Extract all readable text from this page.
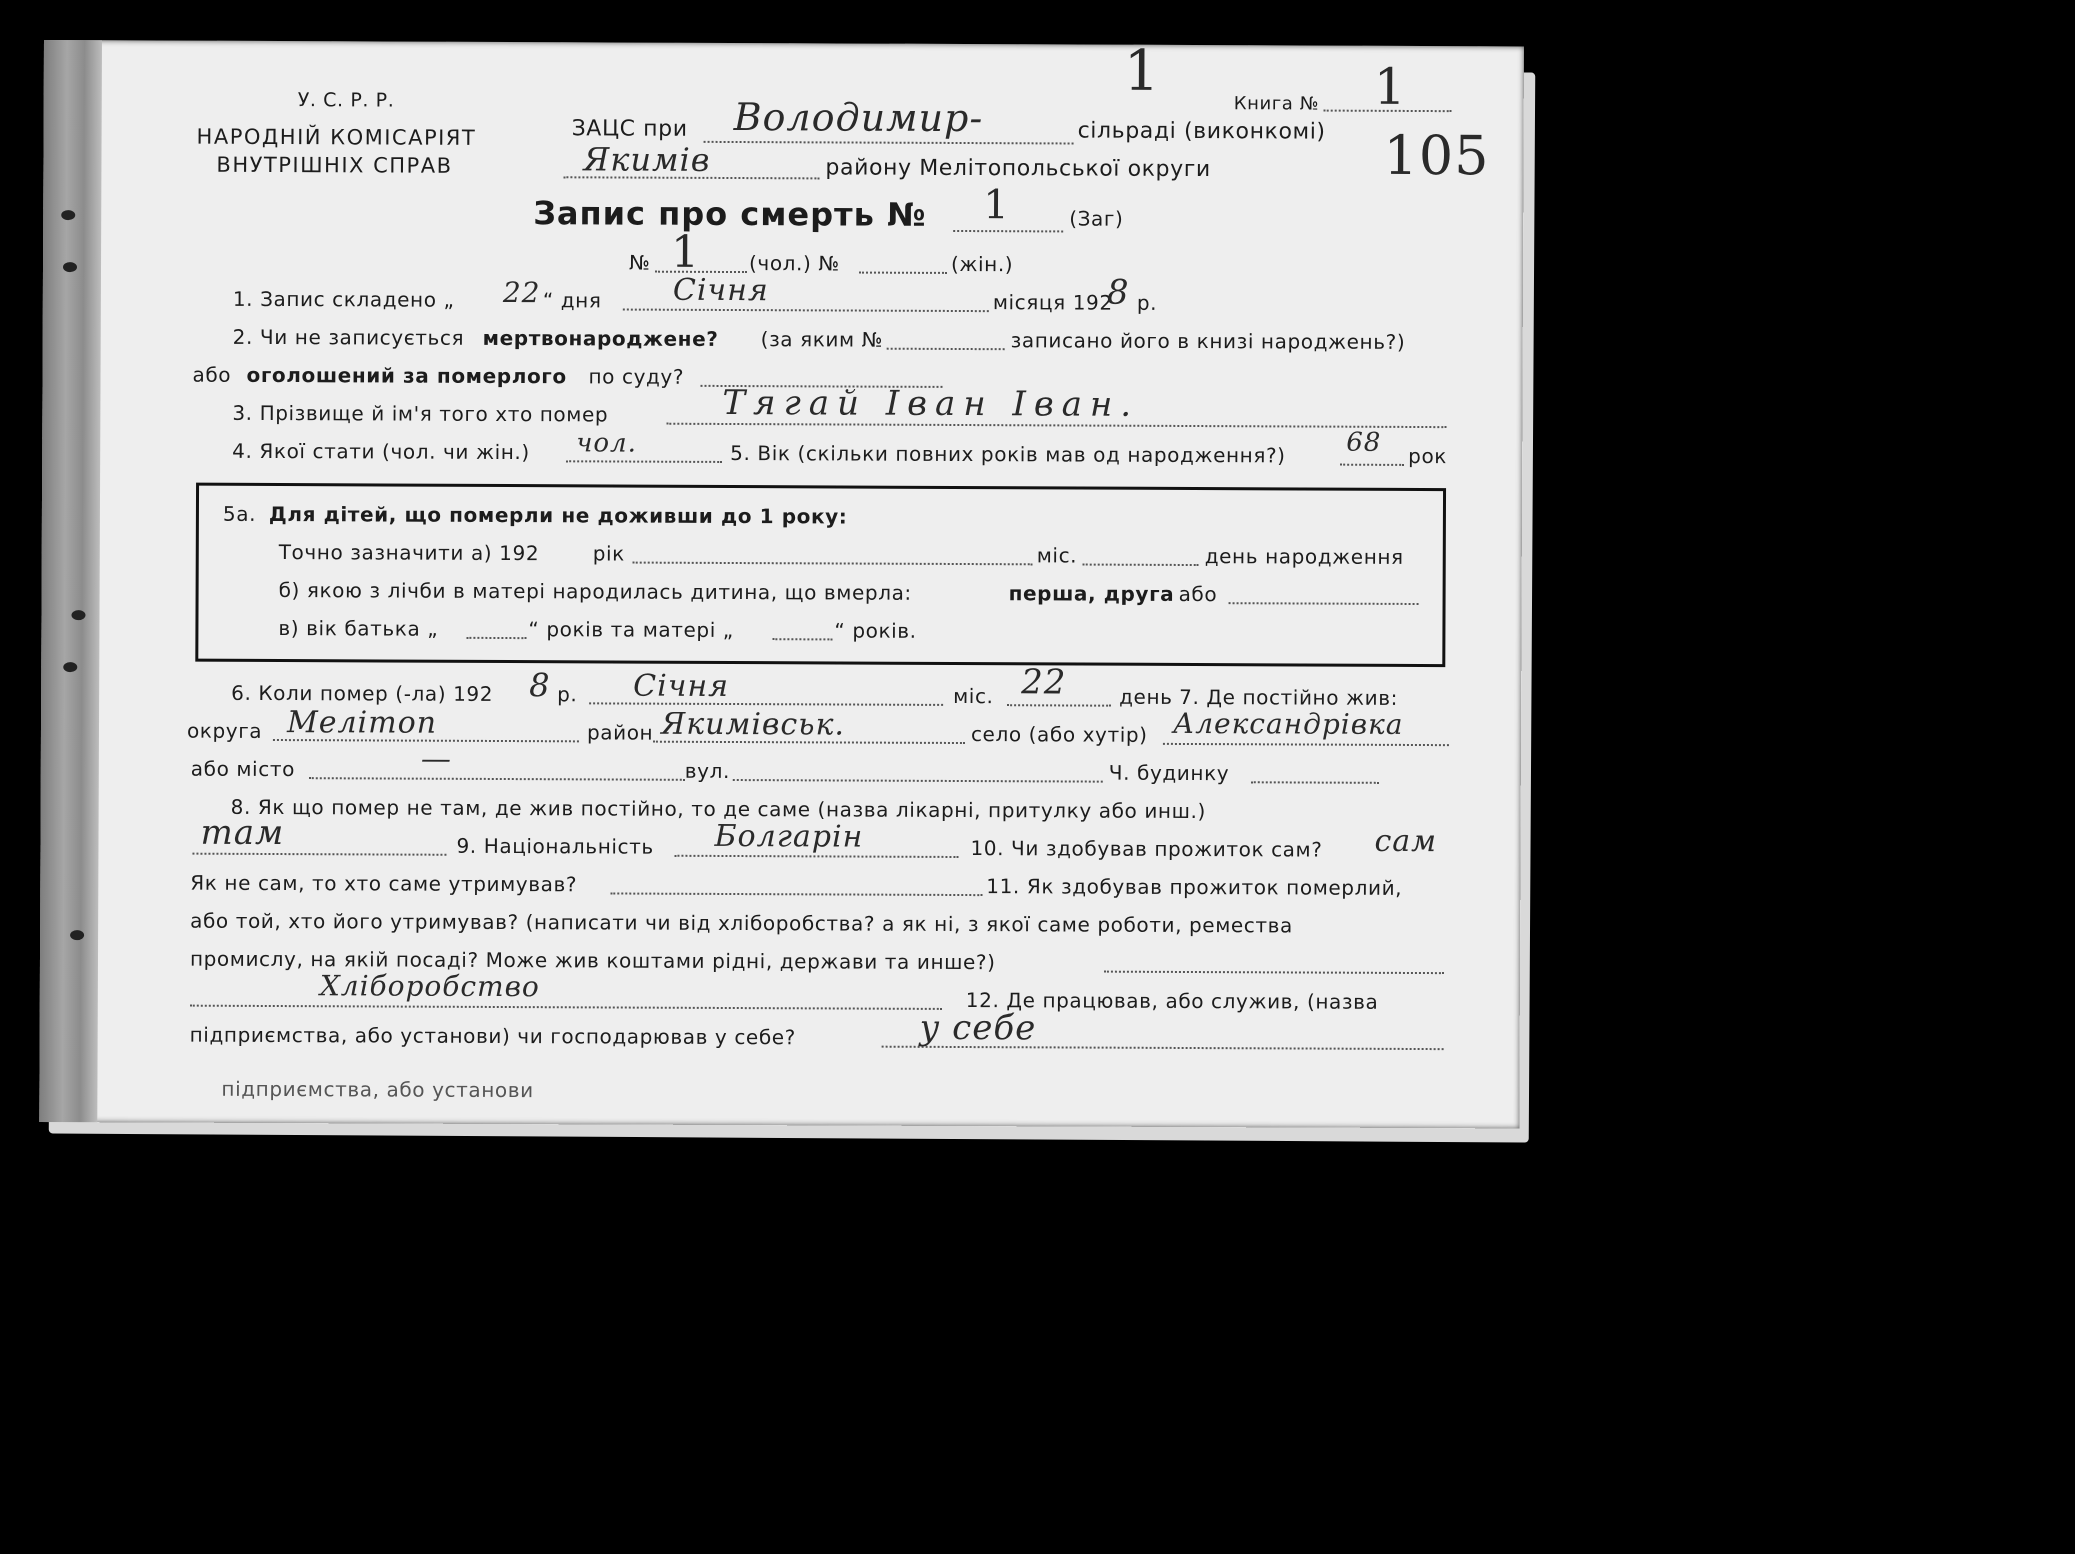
У. С. Р. Р.
НАРОДНІЙ КОМІСАРІЯТ
ВНУТРІШНІХ СПРАВ
1
ЗАЦС при Володимир-	сільраді (виконкомі)
Книга № 1
105
Якимів	району Мелітопольської округи
Запис про смерть № 1	(Заг)
№ 1 (чол.) №	(жін.)
1. Запис складено „ 22 “ дня Січня	місяця 192
8 р.
2. Чи не записується мертвонароджене? (за яким №	записано його в книзі народжень?)
або оголошений за померлого по суду?
3. Прізвище й ім'я того хто помер	Тягай Іван Іван.
4. Якої стати (чол. чи жін.) чол.	5. Вік (скільки повних років мав од народження?) 68 рок
5а. Для дітей, що померли не доживши до 1 року:
Точно зазначити а) 192	рік	міс.	день народження
б) якою з лічби в матері народилась дитина, що вмерла:	перша, друга або
в) вік батька „	“ років та матері „	“ років.
6. Коли помер (-ла) 192 8 р. Січня	міс. 22	день 7. Де постійно жив:
округа Мелітоп	район Якимівськ.	село (або хутір) Александрівка
або місто	—	вул.	Ч. будинку
8. Як що помер не там, де жив постійно, то де саме (назва лікарні, притулку або инш.)
там	9. Національність Болгарін	10. Чи здобував прожиток сам? сам
Як не сам, то хто саме утримував?	11. Як здобував прожиток померлий,
або той, хто його утримував? (написати чи від хліборобства? а як ні, з якої саме роботи, ремества
промислу, на якій посаді? Може жив коштами рідні, держави та инше?)
Хліборобство	12. Де працював, або служив, (назва
підприємства, або установи) чи господарював у себе?	у себе
підприємства, або установи
